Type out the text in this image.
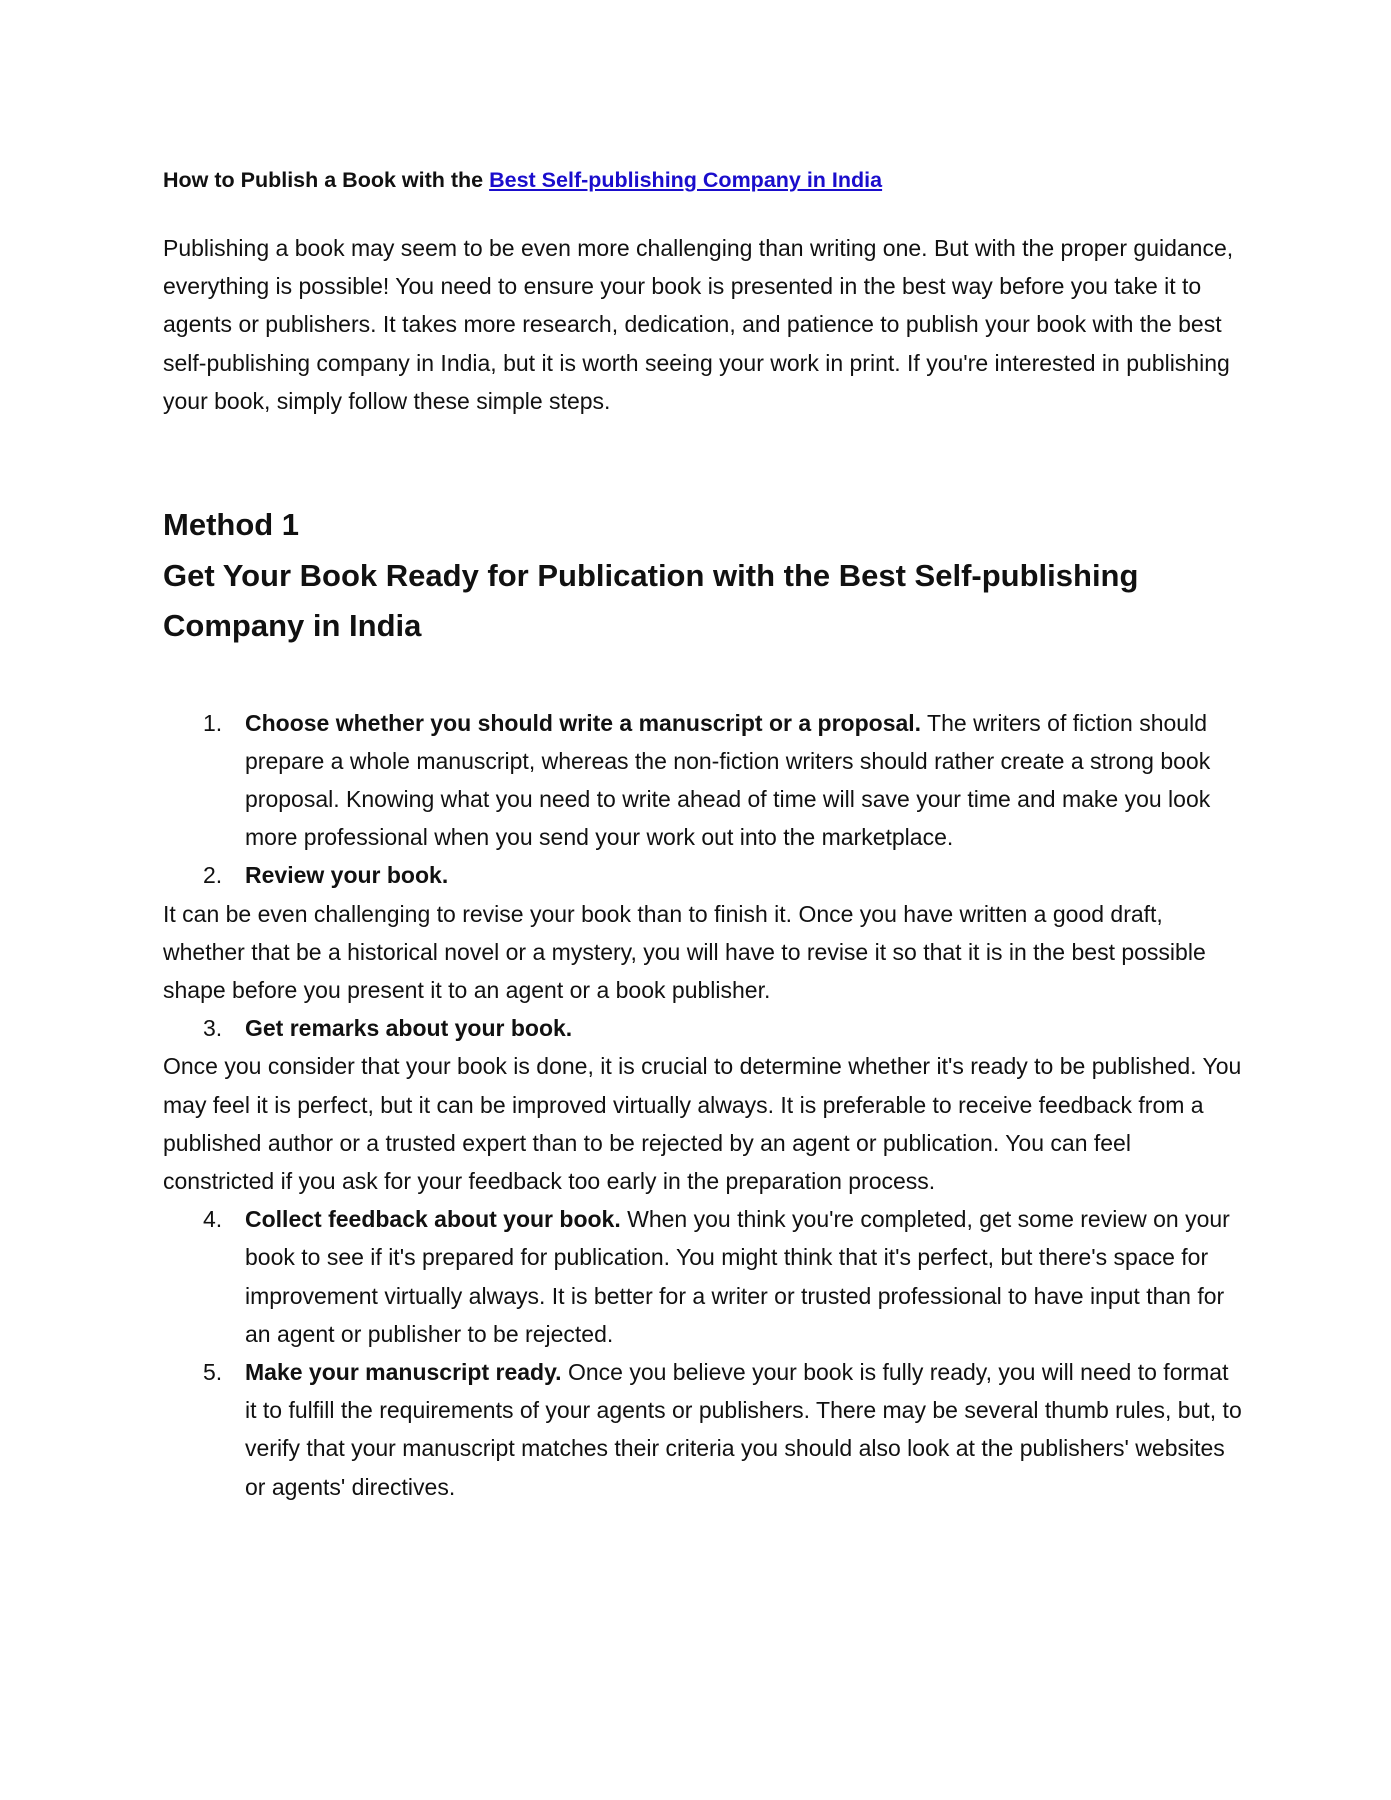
How to Publish a Book with the Best Self-publishing Company in India

Publishing a book may seem to be even more challenging than writing one. But with the proper guidance, everything is possible! You need to ensure your book is presented in the best way before you take it to agents or publishers. It takes more research, dedication, and patience to publish your book with the best self-publishing company in India, but it is worth seeing your work in print. If you're interested in publishing your book, simply follow these simple steps.

Method 1
Get Your Book Ready for Publication with the Best Self-publishing Company in India
1. Choose whether you should write a manuscript or a proposal. The writers of fiction should prepare a whole manuscript, whereas the non-fiction writers should rather create a strong book proposal. Knowing what you need to write ahead of time will save your time and make you look more professional when you send your work out into the marketplace.
2. Review your book.
It can be even challenging to revise your book than to finish it. Once you have written a good draft, whether that be a historical novel or a mystery, you will have to revise it so that it is in the best possible shape before you present it to an agent or a book publisher.
3. Get remarks about your book.
Once you consider that your book is done, it is crucial to determine whether it's ready to be published. You may feel it is perfect, but it can be improved virtually always. It is preferable to receive feedback from a published author or a trusted expert than to be rejected by an agent or publication. You can feel constricted if you ask for your feedback too early in the preparation process.
4. Collect feedback about your book. When you think you're completed, get some review on your book to see if it's prepared for publication. You might think that it's perfect, but there's space for improvement virtually always. It is better for a writer or trusted professional to have input than for an agent or publisher to be rejected.
5. Make your manuscript ready. Once you believe your book is fully ready, you will need to format it to fulfill the requirements of your agents or publishers. There may be several thumb rules, but, to verify that your manuscript matches their criteria you should also look at the publishers' websites or agents' directives.
